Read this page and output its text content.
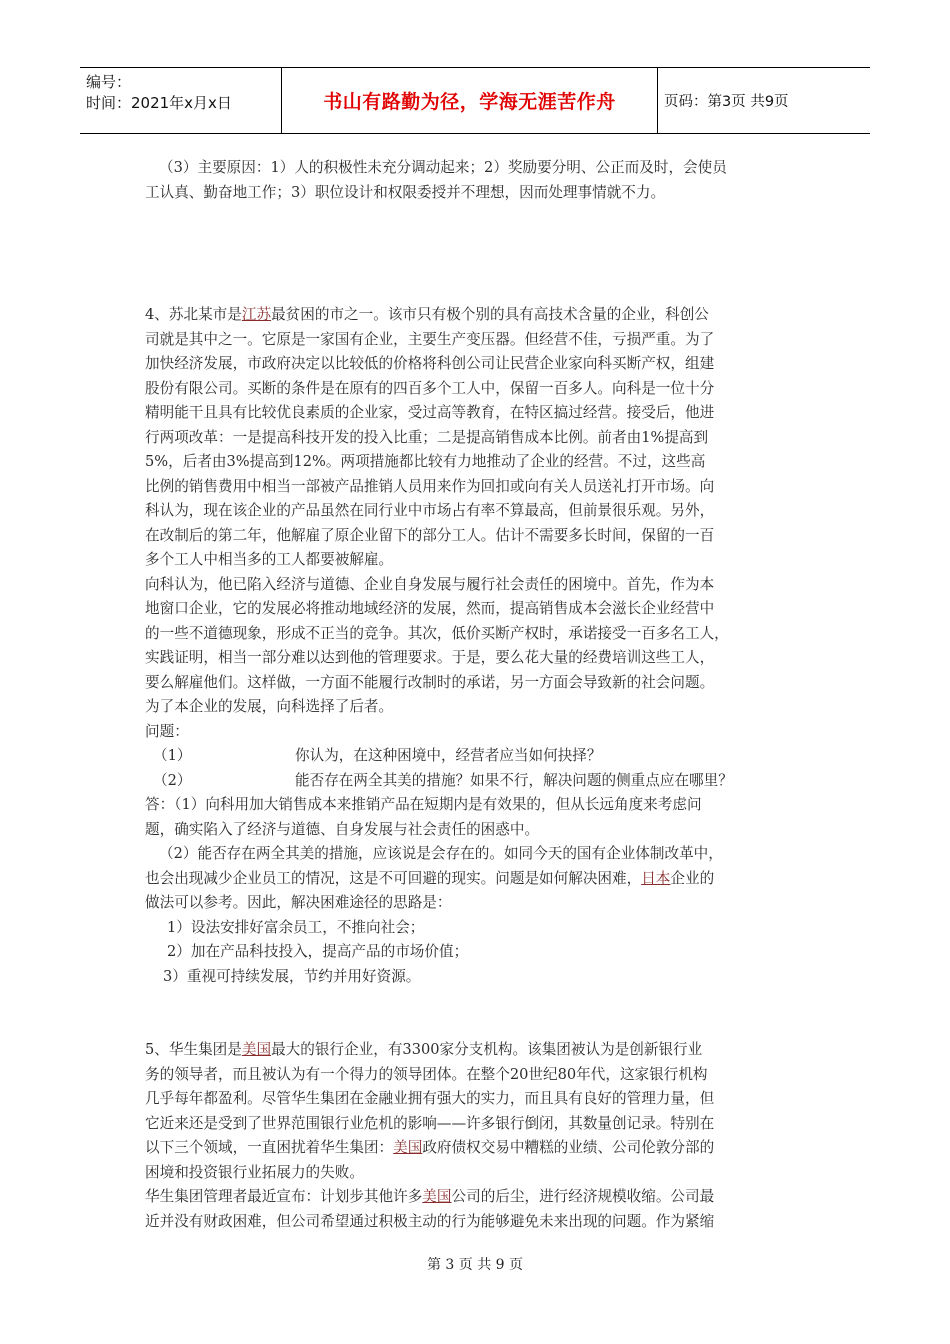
编号：
时间：2021年x月x日	书山有路勤为径，学海无涯苦作舟	页码：第3页 共9页

（3）主要原因：1）人的积极性未充分调动起来；2）奖励要分明、公正而及时，会使员

工认真、勤奋地工作；3）职位设计和权限委授并不理想，因而处理事情就不力。

4、苏北某市是江苏最贫困的市之一。该市只有极个别的具有高技术含量的企业，科创公

司就是其中之一。它原是一家国有企业，主要生产变压器。但经营不佳，亏损严重。为了

加快经济发展，市政府决定以比较低的价格将科创公司让民营企业家向科买断产权，组建

股份有限公司。买断的条件是在原有的四百多个工人中，保留一百多人。向科是一位十分

精明能干且具有比较优良素质的企业家，受过高等教育，在特区搞过经营。接受后，他进

行两项改革：一是提高科技开发的投入比重；二是提高销售成本比例。前者由1%提高到

5%，后者由3%提高到12%。两项措施都比较有力地推动了企业的经营。不过，这些高

比例的销售费用中相当一部被产品推销人员用来作为回扣或向有关人员送礼打开市场。向

科认为，现在该企业的产品虽然在同行业中市场占有率不算最高，但前景很乐观。另外，

在改制后的第二年，他解雇了原企业留下的部分工人。估计不需要多长时间，保留的一百

多个工人中相当多的工人都要被解雇。

向科认为，他已陷入经济与道德、企业自身发展与履行社会责任的困境中。首先，作为本

地窗口企业，它的发展必将推动地域经济的发展，然而，提高销售成本会滋长企业经营中

的一些不道德现象，形成不正当的竞争。其次，低价买断产权时，承诺接受一百多名工人，

实践证明，相当一部分难以达到他的管理要求。于是，要么花大量的经费培训这些工人，

要么解雇他们。这样做，一方面不能履行改制时的承诺，另一方面会导致新的社会问题。

为了本企业的发展，向科选择了后者。

问题：

（1）	你认为，在这种困境中，经营者应当如何抉择？
（2）	能否存在两全其美的措施？如果不行，解决问题的侧重点应在哪里？

答：（1）向科用加大销售成本来推销产品在短期内是有效果的，但从长远角度来考虑问

题，确实陷入了经济与道德、自身发展与社会责任的困惑中。

（2）能否存在两全其美的措施，应该说是会存在的。如同今天的国有企业体制改革中，

也会出现减少企业员工的情况，这是不可回避的现实。问题是如何解决困难，日本企业的

做法可以参考。因此，解决困难途径的思路是：

1）设法安排好富余员工，不推向社会；

2）加在产品科技投入，提高产品的市场价值；

3）重视可持续发展，节约并用好资源。

5、华生集团是美国最大的银行企业，有3300家分支机构。该集团被认为是创新银行业

务的领导者，而且被认为有一个得力的领导团体。在整个20世纪80年代，这家银行机构

几乎每年都盈利。尽管华生集团在金融业拥有强大的实力，而且具有良好的管理力量，但

它近来还是受到了世界范围银行业危机的影响——许多银行倒闭，其数量创记录。特别在

以下三个领域，一直困扰着华生集团：美国政府债权交易中糟糕的业绩、公司伦敦分部的

困境和投资银行业拓展力的失败。

华生集团管理者最近宣布：计划步其他许多美国公司的后尘，进行经济规模收缩。公司最

近并没有财政困难，但公司希望通过积极主动的行为能够避免未来出现的问题。作为紧缩

第 3 页 共 9 页
